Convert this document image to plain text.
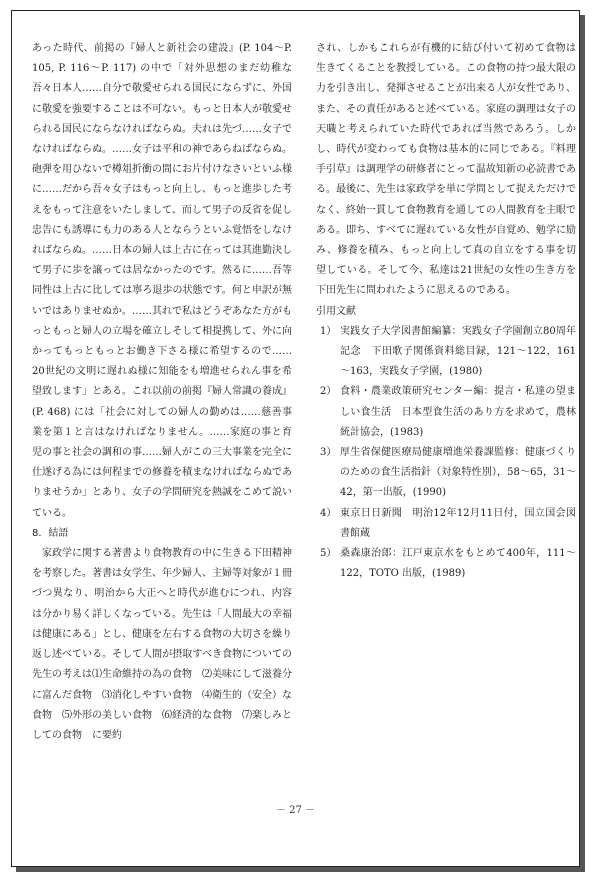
あった時代、前掲の『婦人と新社会の建設』(P. 104～P. 105, P. 116～P. 117) の中で「対外思想のまだ幼稚な吾々日本人……自分で敬愛せられる国民にならずに、外国に敬愛を強要することは不可ない。もっと日本人が敬愛せられる国民にならなければならぬ。夫れは先づ……女子でなければならぬ。……女子は平和の神であらねばならぬ。砲弾を用ひないで樽俎折衝の間にお片付けなさいといふ様に……だから吾々女子はもっと向上し、もっと進歩した考えをもって注意をいたしまして、而して男子の反省を促し忠告にも誘導にも力のある人とならうといふ覚悟をしなければならぬ。……日本の婦人は上古に在っては其進勤決して男子に歩を譲っては居なかったのです。然るに……吾等同性は上古に比しては寧ろ退歩の状態です。何と申訳が無いではありませぬか。……其れで私はどうぞあなた方がもっともっと婦人の立場を確立しそして相提携して、外に向かってもっともっとお働き下さる様に希望するので……20世紀の文明に遅れぬ様に知能をも増進せられん事を希望致します」とある。これ以前の前掲『婦人常識の養成』(P. 468) には「社会に対しての婦人の勤めは……慈善事業を第１と言はなければなりません。……家庭の事と育児の事と社会の調和の事……婦人がこの三大事業を完全に仕遂げる為には何程までの修養を積まなければならぬでありませうか」とあり、女子の学問研究を熱誠をこめて説いている。

8．結語

家政学に関する著書より食物教育の中に生きる下田精神を考察した。著書は女学生、年少婦人、主婦等対象が１冊づつ異なり、明治から大正へと時代が進むにつれ、内容は分かり易く詳しくなっている。先生は「人間最大の幸福は健康にある」とし、健康を左右する食物の大切さを繰り返し述べている。そして人間が摂取すべき食物についての先生の考えは⑴生命維持の為の食物　⑵美味にして滋養分に富んだ食物　⑶消化しやすい食物　⑷衛生的（安全）な食物　⑸外形の美しい食物　⑹経済的な食物　⑺楽しみとしての食物　に要約

され、しかもこれらが有機的に結び付いて初めて食物は生きてくることを教授している。この食物の持つ最大限の力を引き出し、発揮させることが出来る人が女性であり、また、その責任があると述べている。家庭の調理は女子の天職と考えられていた時代であれば当然であろう。しかし、時代が変わっても食物は基本的に同じである。『料理手引草』は調理学の研修者にとって温故知新の必読書である。最後に、先生は家政学を単に学問として捉えただけでなく、終始一貫して食物教育を通しての人間教育を主眼である。即ち、すべてに遅れている女性が自覚め、勉学に励み、修養を積み、もっと向上して真の自立をする事を切望している。そして今、私達は21世紀の女性の生き方を下田先生に問われたように思えるのである。

引用文献

1） 実践女子大学図書館編纂：実践女子学園創立80周年記念　下田歌子関係資料総目録，121～122，161～163，実践女子学園，(1980)
2） 食料・農業政策研究センター編：提言・私達の望ましい食生活　日本型食生活のあり方を求めて，農林統計協会，(1983)
3） 厚生省保健医療局健康増進栄養課監修：健康づくりのための食生活指針（対象特性別），58～65，31～42，第一出版，(1990)
4） 東京日日新聞　明治12年12月11日付，国立国会図書館蔵
5） 桑森康治郎：江戸東京水をもとめて400年，111～122，TOTO 出版，(1989)
－ 27 －
